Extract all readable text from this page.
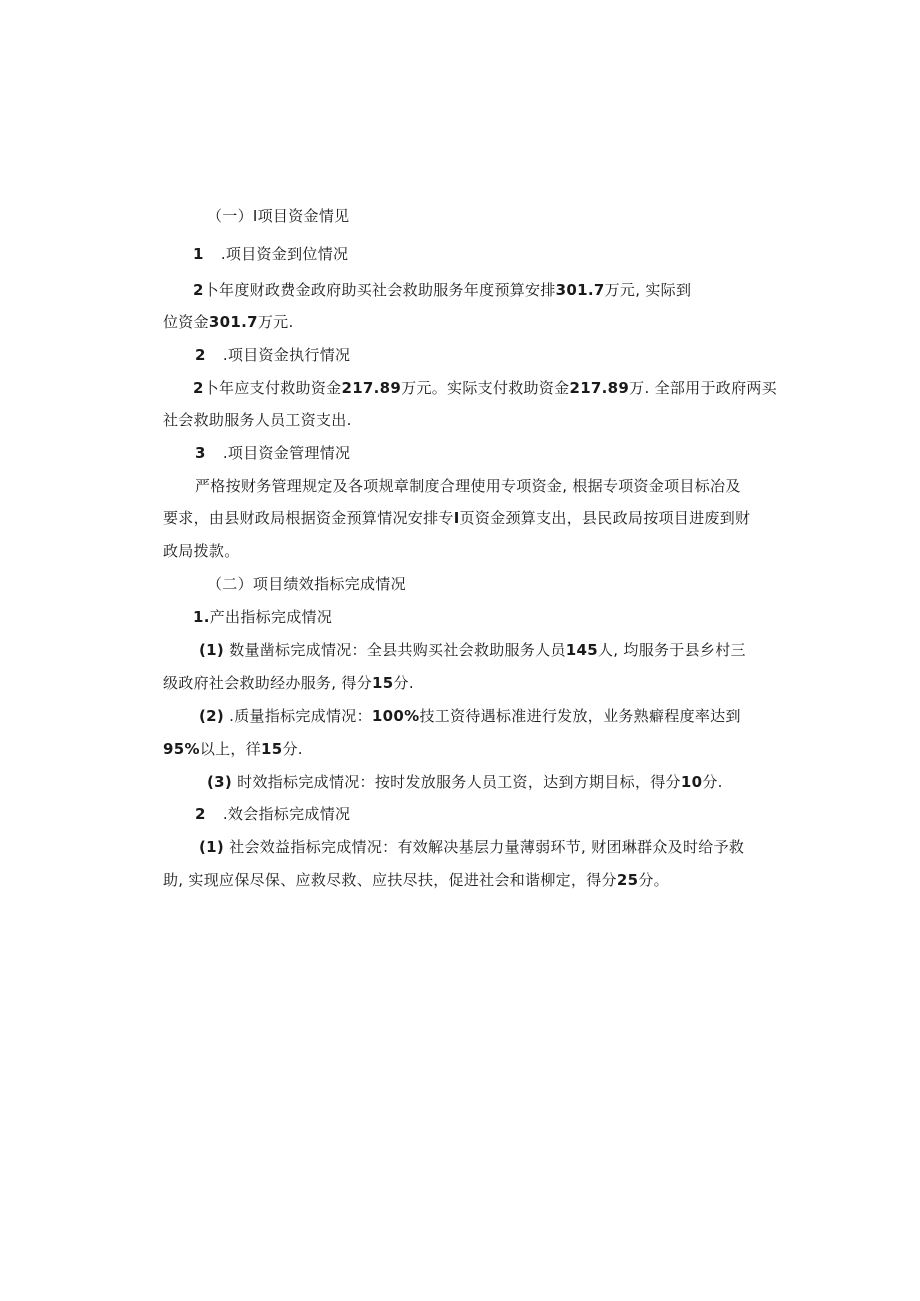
（一）I项目资金情见
1 .项目资金到位情况
2卜年度财政费金政府助买社会救助服务年度预算安排301.7万元, 实际到
位资金301.7万元.
2 .项目资金执行情况
2卜年应支付救助资金217.89万元。实际支付救助资金217.89万. 全部用于政府两买
社会救助服务人员工资支出.
3 .项目资金管理情况
严格按财务管理规定及各项规章制度合理使用专项资金, 根据专项资金项目标冶及
要求，由县财政局根据资金预算情况安排专I页资金颈算支出，县民政局按项目进废到财
政局拨款。
（二）项目绩效指标完成情况
1.产出指标完成情况
(1) 数量凿标完成情况：全县共购买社会救助服务人员145人, 均服务于县乡村三
级政府社会救助经办服务, 得分15分.
(2) .质量指标完成情况：100%技工资待遇标准进行发放，业务熟癖程度率达到
95%以上，徉15分.
(3) 时效指标完成情况：按时发放服务人员工资，达到方期目标，得分10分.
2 .效会指标完成情况
(1) 社会效益指标完成情况：有效解决基层力量薄弱环节, 财团琳群众及时给予救
助, 实现应保尽保、应救尽救、应扶尽扶，促进社会和谐柳定，得分25分。
